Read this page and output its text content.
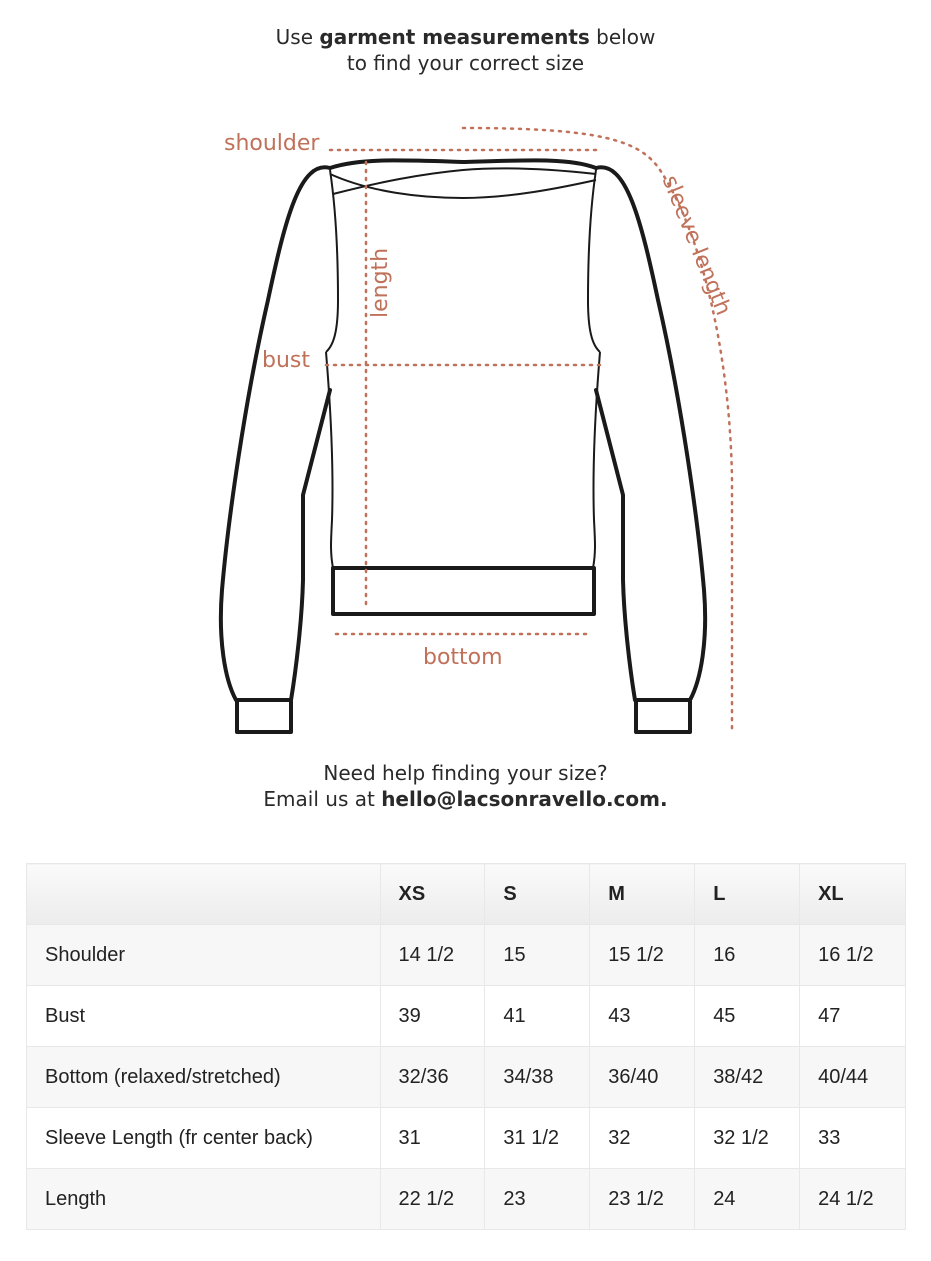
Use garment measurements below
to find your correct size
shoulder
length	sleeve length
bust
bottom
Need help finding your size?
Email us at hello@lacsonravello.com.
	XS	S	M	L	XL
Shoulder	14 1/2	15	15 1/2	16	16 1/2
Bust	39	41	43	45	47
Bottom (relaxed/stretched)	32/36	34/38	36/40	38/42	40/44
Sleeve Length (fr center back)	31	31 1/2	32	32 1/2	33
Length	22 1/2	23	23 1/2	24	24 1/2
